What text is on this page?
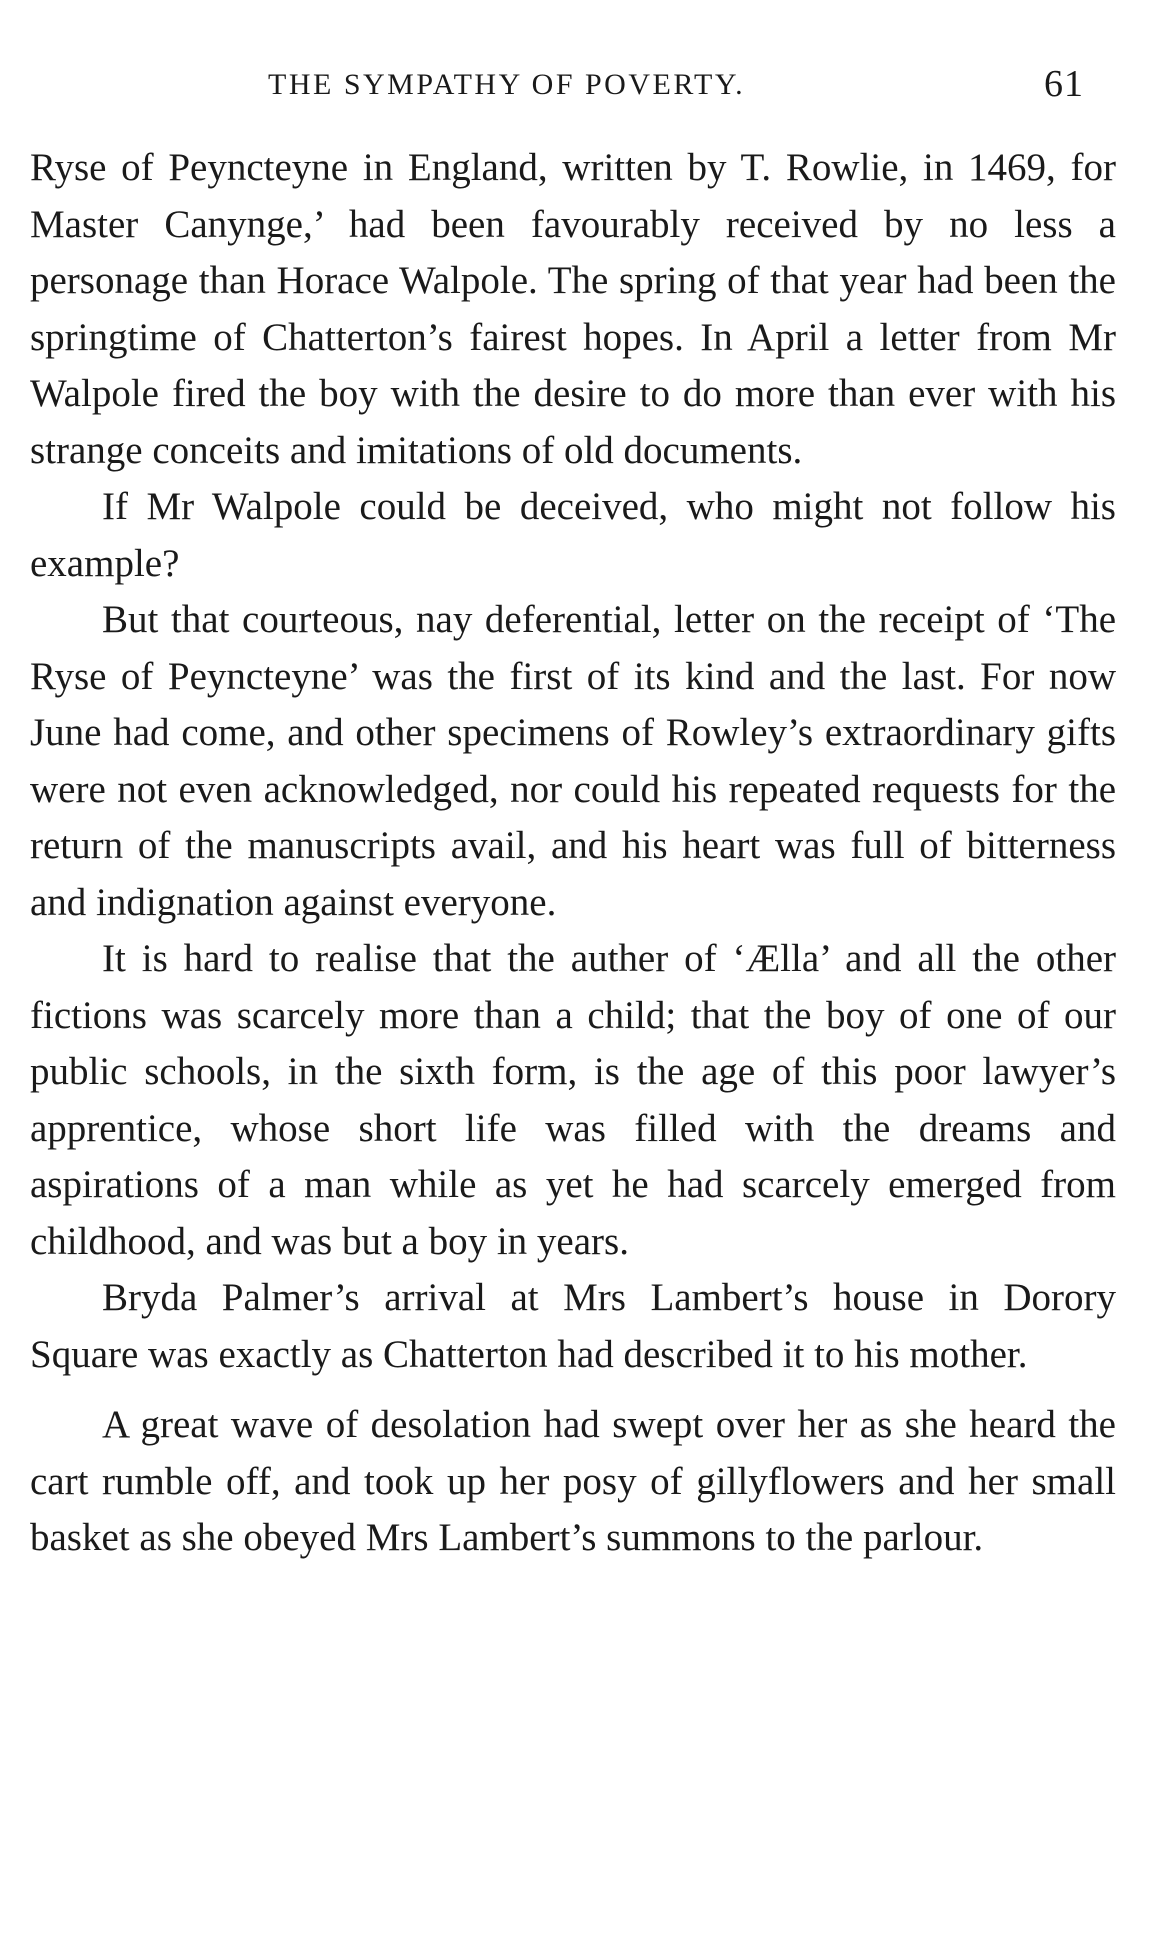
THE SYMPATHY OF POVERTY.	61

Ryse of Peyncteyne in England, written by T. Rowlie, in 1469, for Master Canynge,’ had been favourably received by no less a personage than Horace Walpole. The spring of that year had been the springtime of Chatterton’s fairest hopes. In April a letter from Mr Walpole fired the boy with the desire to do more than ever with his strange conceits and imitations of old documents.

If Mr Walpole could be deceived, who might not follow his example?

But that courteous, nay deferential, letter on the receipt of ‘The Ryse of Peyncteyne’ was the first of its kind and the last. For now June had come, and other specimens of Rowley’s extraordinary gifts were not even acknowledged, nor could his repeated requests for the return of the manuscripts avail, and his heart was full of bitterness and indignation against everyone.

It is hard to realise that the auther of ‘Ælla’ and all the other fictions was scarcely more than a child; that the boy of one of our public schools, in the sixth form, is the age of this poor lawyer’s apprentice, whose short life was filled with the dreams and aspirations of a man while as yet he had scarcely emerged from childhood, and was but a boy in years.

Bryda Palmer’s arrival at Mrs Lambert’s house in Dorory Square was exactly as Chatterton had described it to his mother.

A great wave of desolation had swept over her as she heard the cart rumble off, and took up her posy of gillyflowers and her small basket as she obeyed Mrs Lambert’s summons to the parlour.
